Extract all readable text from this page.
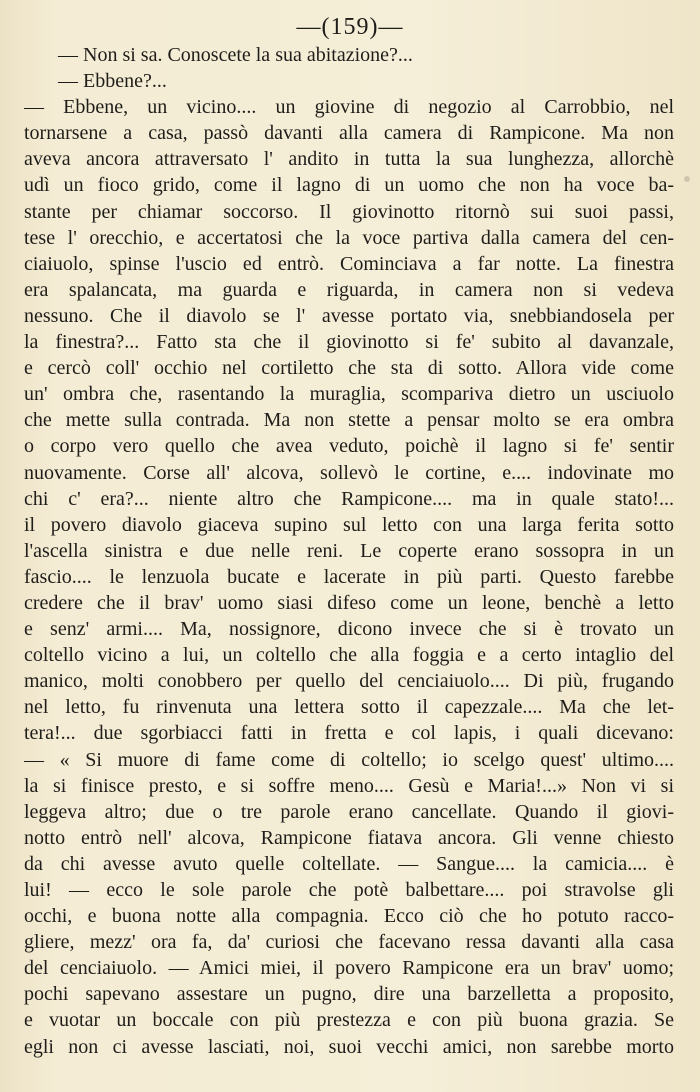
—(159)—
— Non si sa. Conoscete la sua abitazione?...
— Ebbene?...
— Ebbene, un vicino.... un giovine di negozio al Carrobbio, nel
tornarsene a casa, passò davanti alla camera di Rampicone. Ma non
aveva ancora attraversato l' andito in tutta la sua lunghezza, allorchè
udì un fioco grido, come il lagno di un uomo che non ha voce ba-
stante per chiamar soccorso. Il giovinotto ritornò sui suoi passi,
tese l' orecchio, e accertatosi che la voce partiva dalla camera del cen-
ciaiuolo, spinse l'uscio ed entrò. Cominciava a far notte. La finestra
era spalancata, ma guarda e riguarda, in camera non si vedeva
nessuno. Che il diavolo se l' avesse portato via, snebbiandosela per
la finestra?... Fatto sta che il giovinotto si fe' subito al davanzale,
e cercò coll' occhio nel cortiletto che sta di sotto. Allora vide come
un' ombra che, rasentando la muraglia, scompariva dietro un usciuolo
che mette sulla contrada. Ma non stette a pensar molto se era ombra
o corpo vero quello che avea veduto, poichè il lagno si fe' sentir
nuovamente. Corse all' alcova, sollevò le cortine, e.... indovinate mo
chi c' era?... niente altro che Rampicone.... ma in quale stato!...
il povero diavolo giaceva supino sul letto con una larga ferita sotto
l'ascella sinistra e due nelle reni. Le coperte erano sossopra in un
fascio.... le lenzuola bucate e lacerate in più parti. Questo farebbe
credere che il brav' uomo siasi difeso come un leone, benchè a letto
e senz' armi.... Ma, nossignore, dicono invece che si è trovato un
coltello vicino a lui, un coltello che alla foggia e a certo intaglio del
manico, molti conobbero per quello del cenciaiuolo.... Di più, frugando
nel letto, fu rinvenuta una lettera sotto il capezzale.... Ma che let-
tera!... due sgorbiacci fatti in fretta e col lapis, i quali dicevano:
— « Si muore di fame come di coltello; io scelgo quest' ultimo....
la si finisce presto, e si soffre meno.... Gesù e Maria!...» Non vi si
leggeva altro; due o tre parole erano cancellate. Quando il giovi-
notto entrò nell' alcova, Rampicone fiatava ancora. Gli venne chiesto
da chi avesse avuto quelle coltellate. — Sangue.... la camicia.... è
lui! — ecco le sole parole che potè balbettare.... poi stravolse gli
occhi, e buona notte alla compagnia. Ecco ciò che ho potuto racco-
gliere, mezz' ora fa, da' curiosi che facevano ressa davanti alla casa
del cenciaiuolo. — Amici miei, il povero Rampicone era un brav' uomo;
pochi sapevano assestare un pugno, dire una barzelletta a proposito,
e vuotar un boccale con più prestezza e con più buona grazia. Se
egli non ci avesse lasciati, noi, suoi vecchi amici, non sarebbe morto
